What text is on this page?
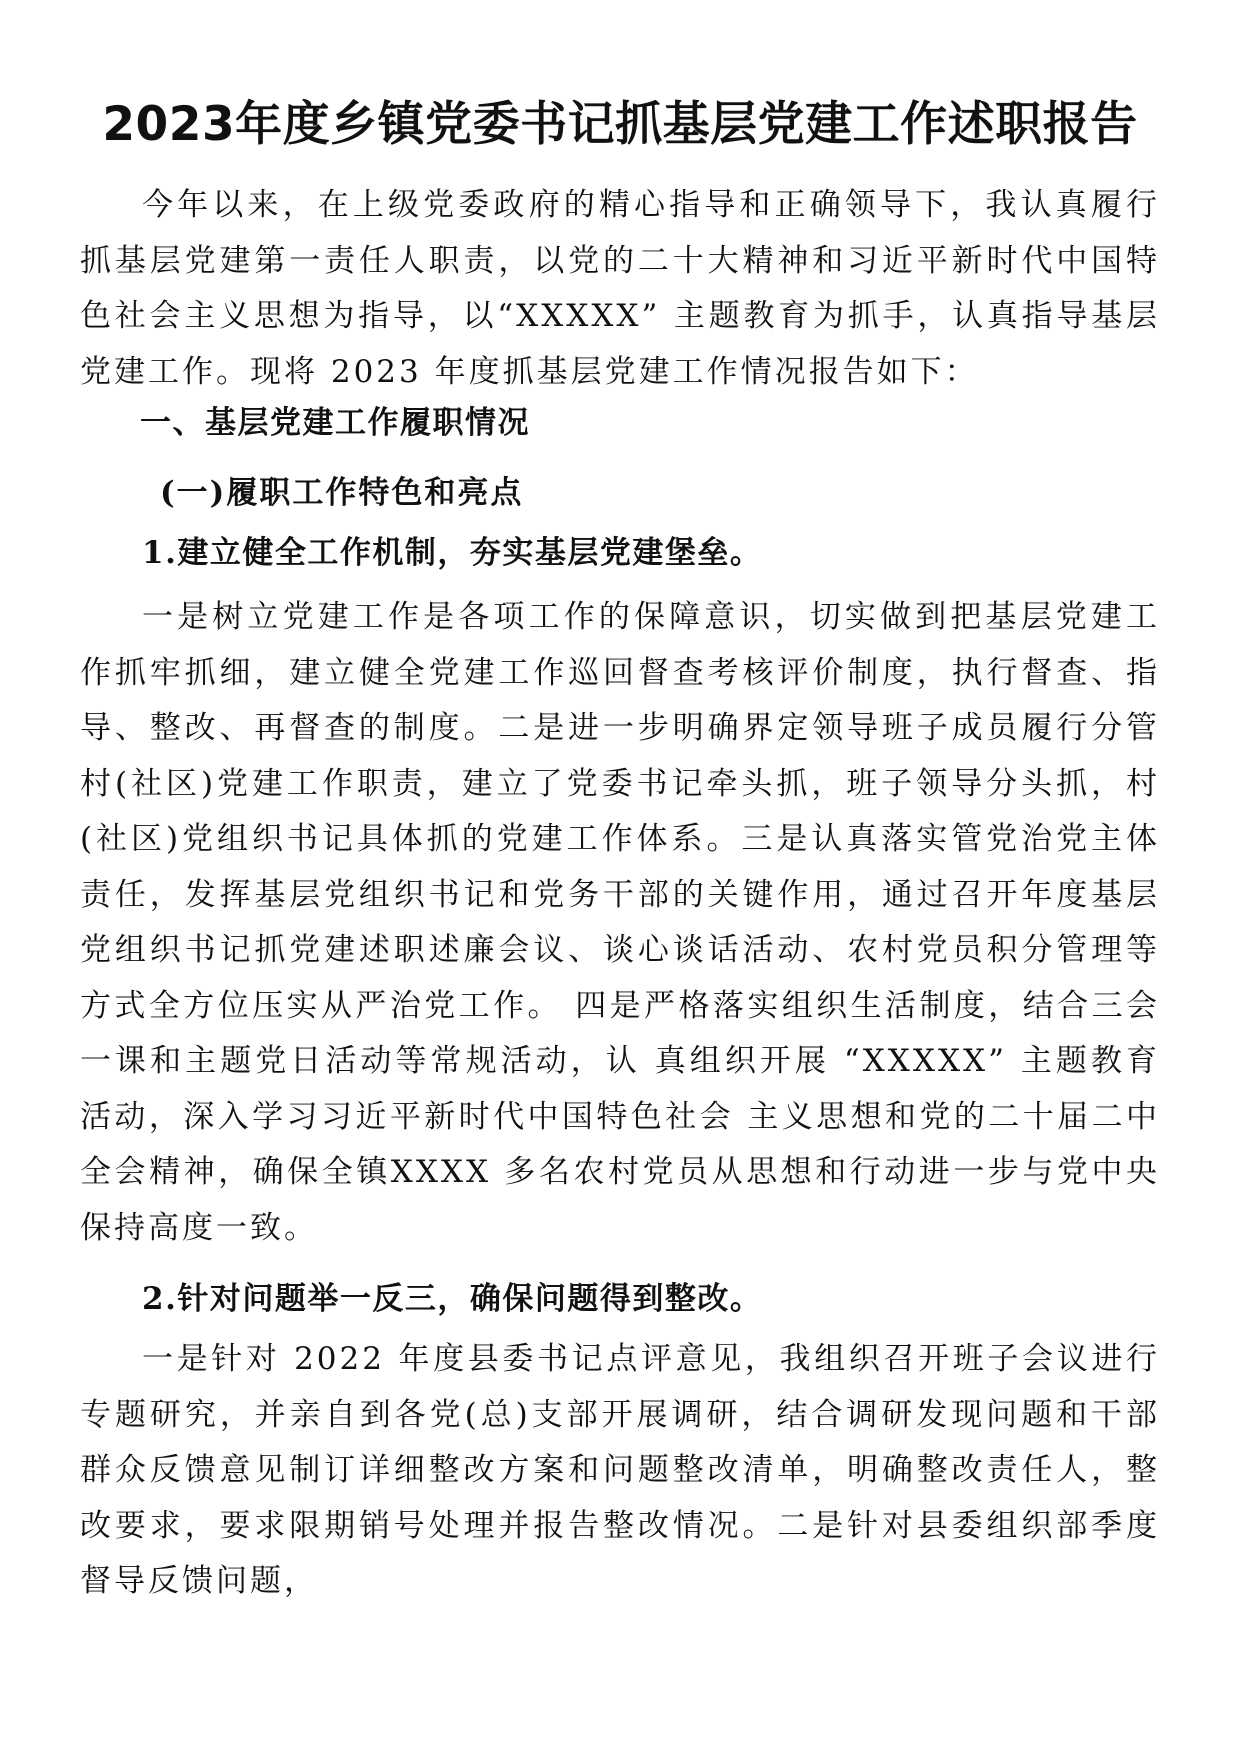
2023年度乡镇党委书记抓基层党建工作述职报告
今年以来，在上级党委政府的精心指导和正确领导下，我认真履行抓基层党建第一责任人职责，以党的二十大精神和习近平新时代中国特色社会主义思想为指导，以“XXXXX” 主题教育为抓手，认真指导基层党建工作。现将 2023 年度抓基层党建工作情况报告如下：
一、基层党建工作履职情况
(一)履职工作特色和亮点
1.建立健全工作机制，夯实基层党建堡垒。
一是树立党建工作是各项工作的保障意识，切实做到把基层党建工作抓牢抓细，建立健全党建工作巡回督查考核评价制度，执行督查、指导、整改、再督查的制度。二是进一步明确界定领导班子成员履行分管村(社区)党建工作职责，建立了党委书记牵头抓，班子领导分头抓，村(社区)党组织书记具体抓的党建工作体系。三是认真落实管党治党主体责任，发挥基层党组织书记和党务干部的关键作用，通过召开年度基层党组织书记抓党建述职述廉会议、谈心谈话活动、农村党员积分管理等方式全方位压实从严治党工作。 四是严格落实组织生活制度，结合三会一课和主题党日活动等常规活动，认 真组织开展 “XXXXX” 主题教育活动，深入学习习近平新时代中国特色社会 主义思想和党的二十届二中全会精神，确保全镇XXXX 多名农村党员从思想和行动进一步与党中央保持高度一致。
2.针对问题举一反三，确保问题得到整改。
一是针对 2022 年度县委书记点评意见，我组织召开班子会议进行专题研究，并亲自到各党(总)支部开展调研，结合调研发现问题和干部群众反馈意见制订详细整改方案和问题整改清单，明确整改责任人，整改要求，要求限期销号处理并报告整改情况。二是针对县委组织部季度督导反馈问题，
